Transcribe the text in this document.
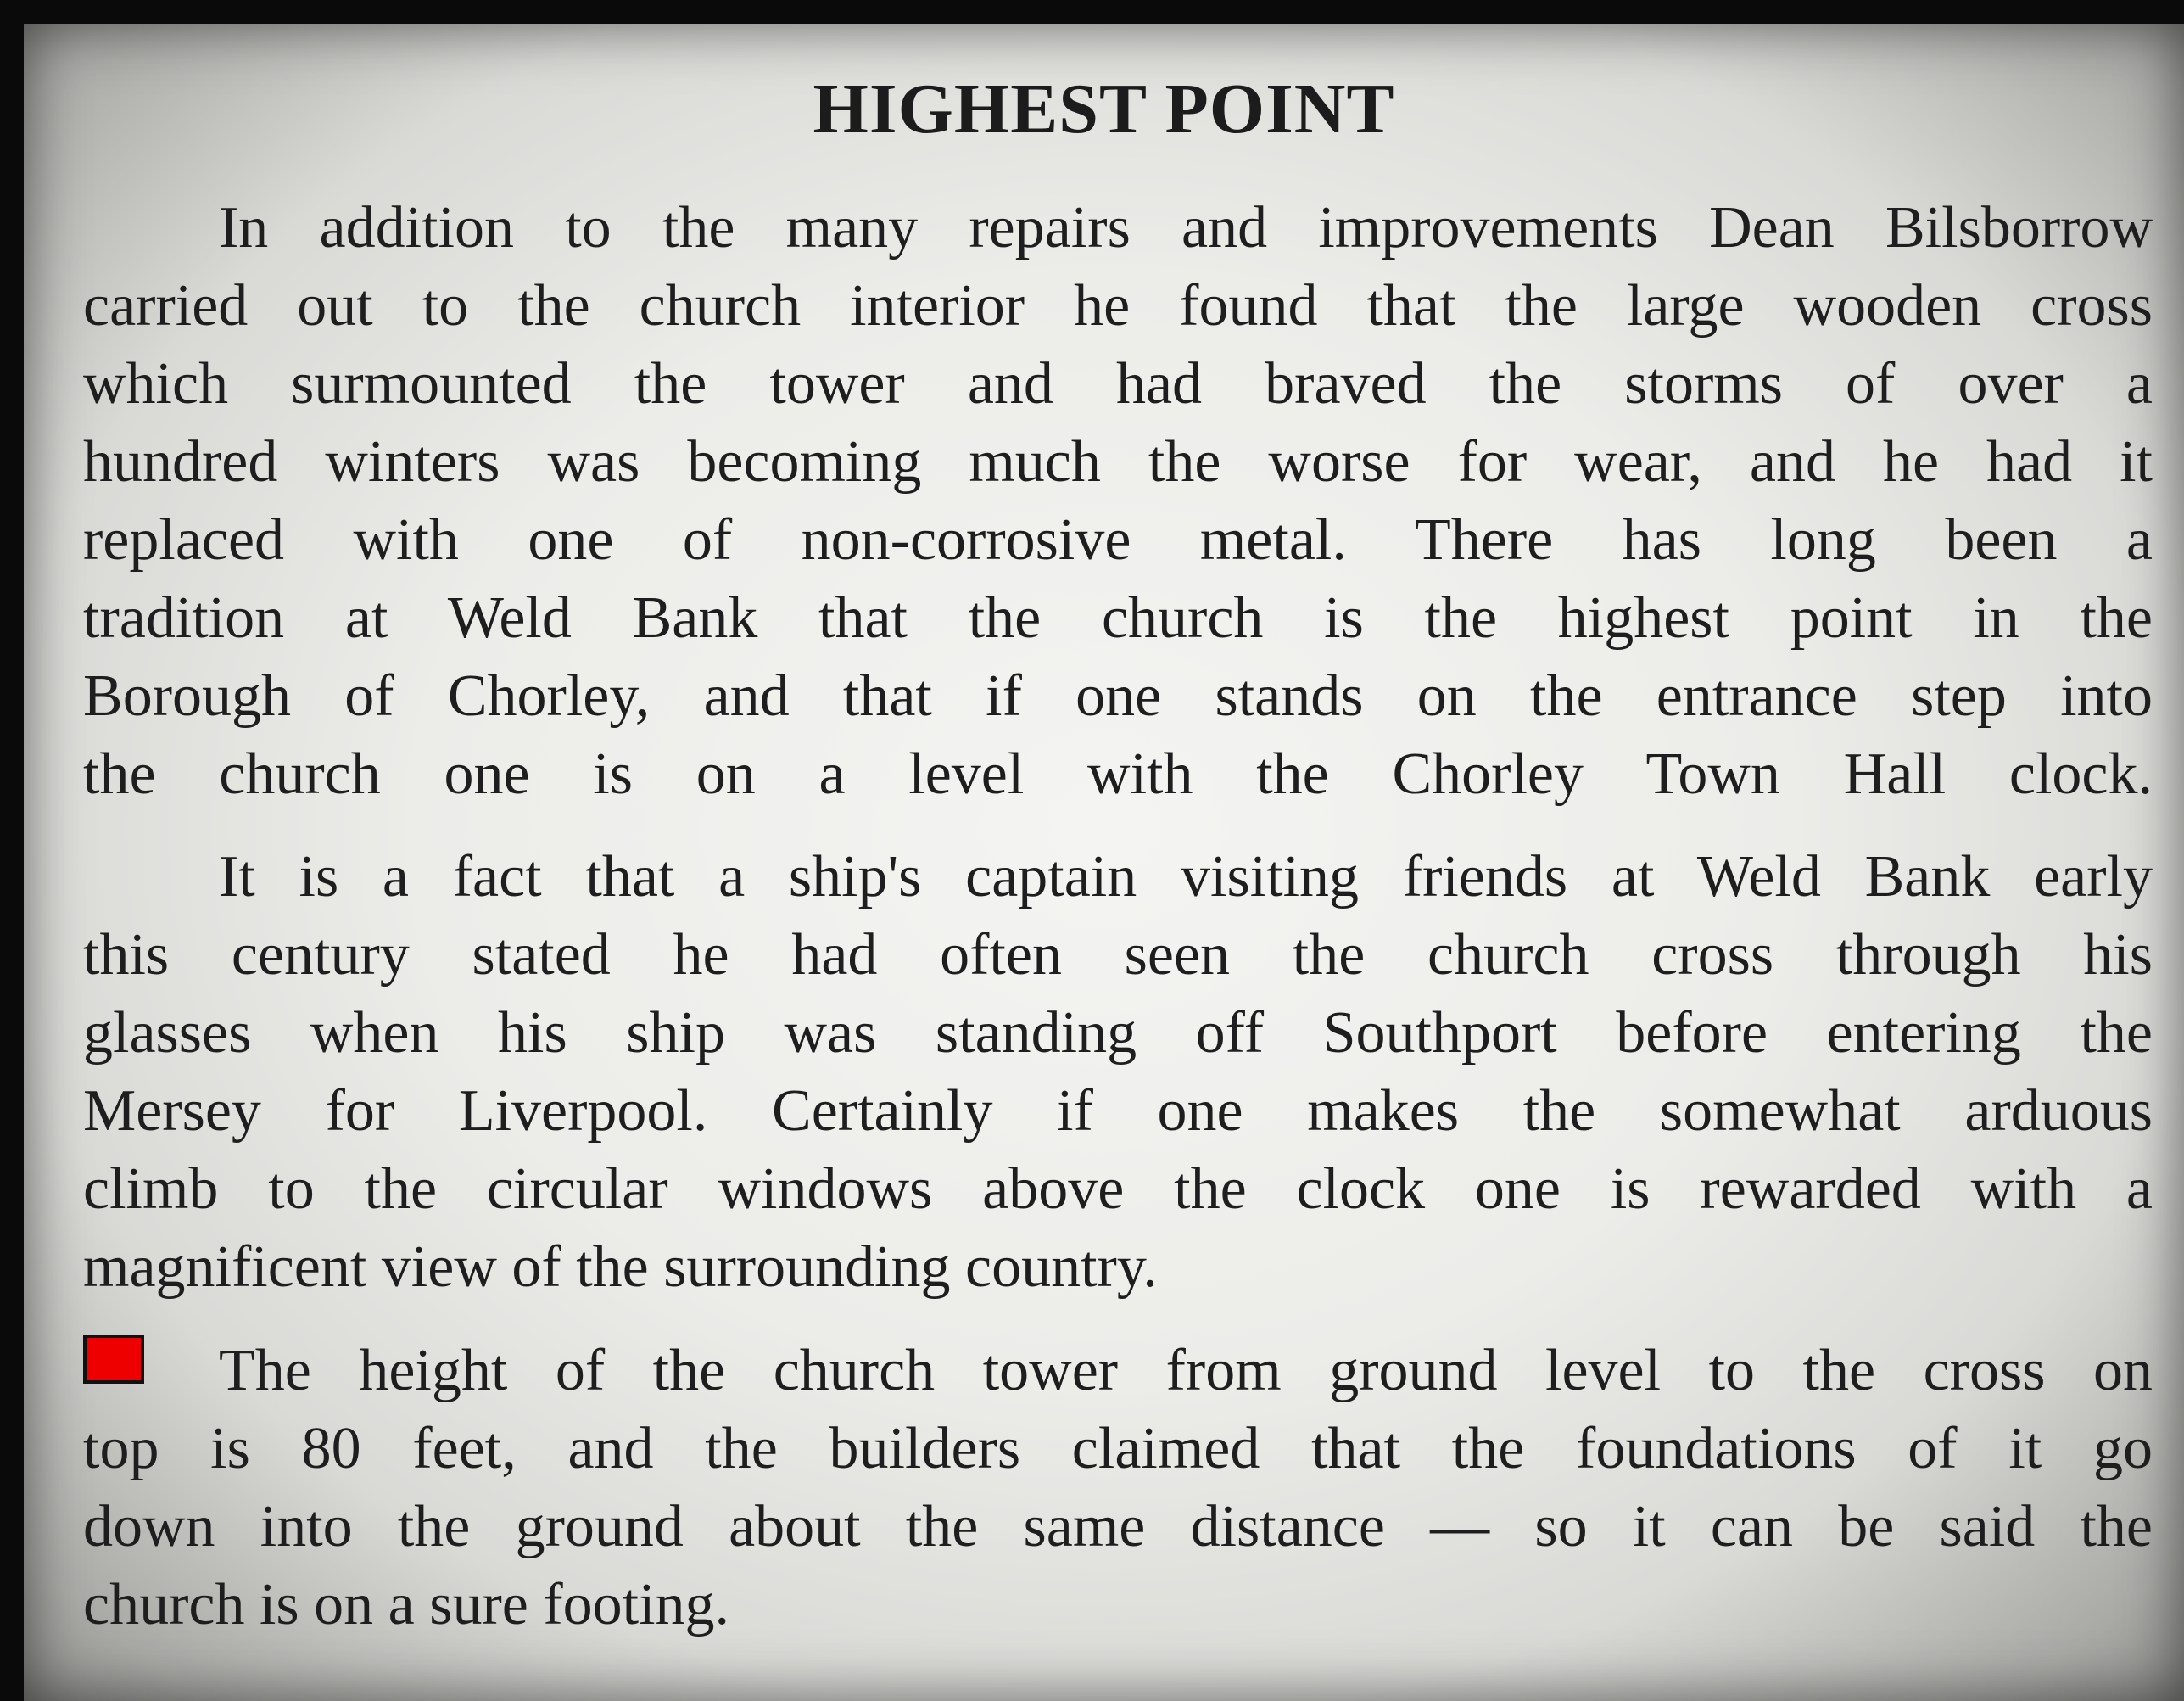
HIGHEST POINT
In addition to the many repairs and improvements Dean Bilsborrow
carried out to the church interior he found that the large wooden cross
which surmounted the tower and had braved the storms of over a
hundred winters was becoming much the worse for wear, and he had it
replaced with one of non-corrosive metal. There has long been a
tradition at Weld Bank that the church is the highest point in the
Borough of Chorley, and that if one stands on the entrance step into
the church one is on a level with the Chorley Town Hall clock.
It is a fact that a ship's captain visiting friends at Weld Bank early
this century stated he had often seen the church cross through his
glasses when his ship was standing off Southport before entering the
Mersey for Liverpool. Certainly if one makes the somewhat arduous
climb to the circular windows above the clock one is rewarded with a
magnificent view of the surrounding country.
The height of the church tower from ground level to the cross on
top is 80 feet, and the builders claimed that the foundations of it go
down into the ground about the same distance — so it can be said the
church is on a sure footing.
